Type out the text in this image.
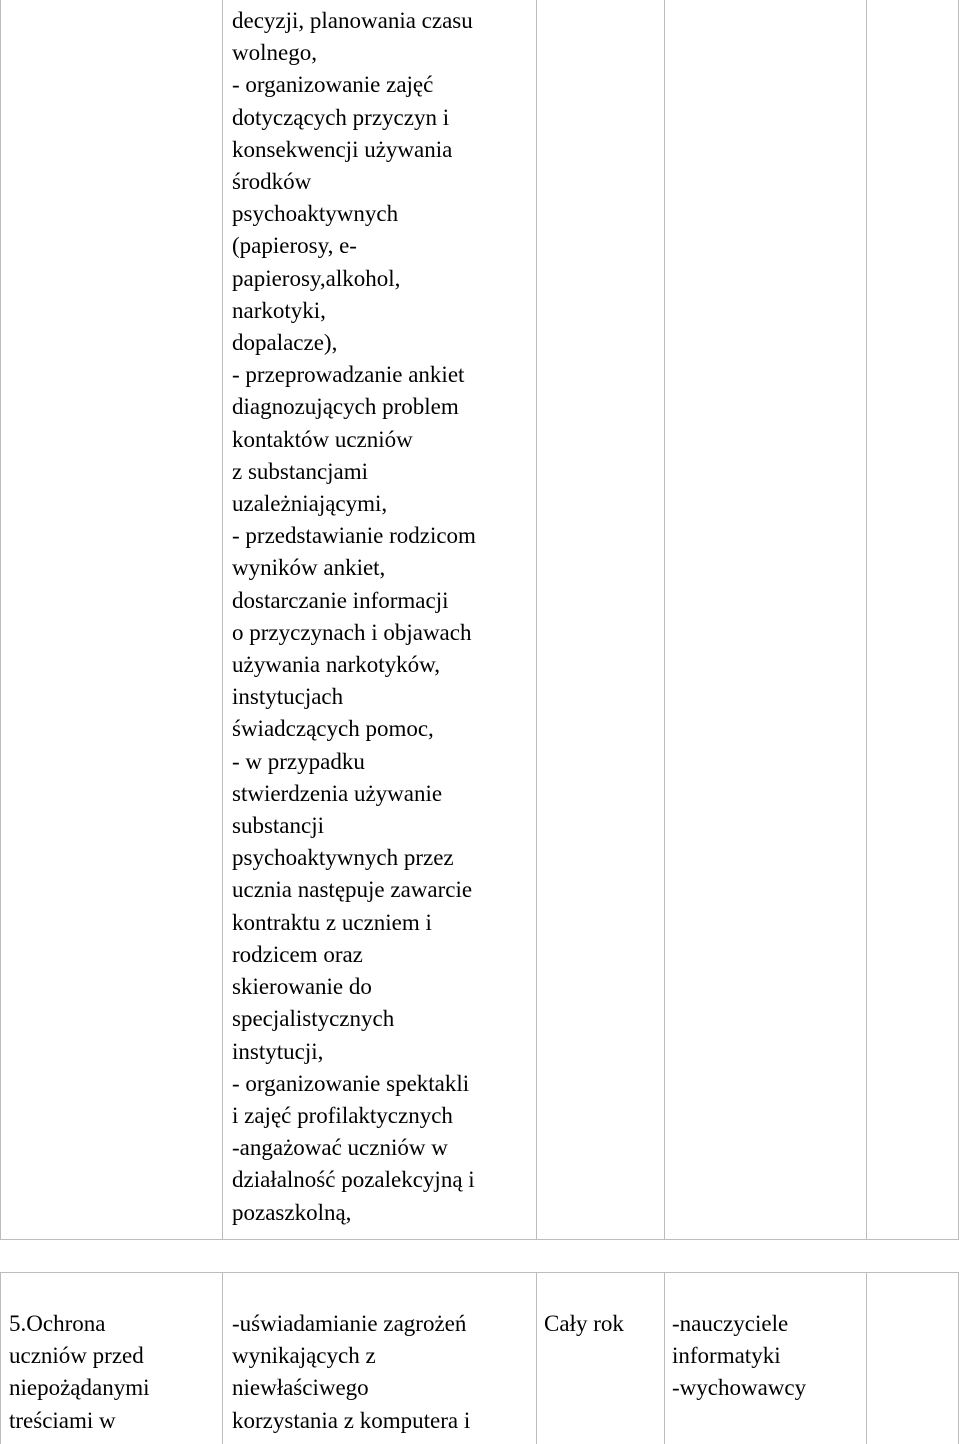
decyzji, planowania czasu
wolnego,
- organizowanie zajęć
dotyczących przyczyn i
konsekwencji używania
środków
psychoaktywnych
(papierosy, e-
papierosy,alkohol,
narkotyki,
dopalacze),
- przeprowadzanie ankiet
diagnozujących problem
kontaktów uczniów
z substancjami
uzależniającymi,
- przedstawianie rodzicom
wyników ankiet,
dostarczanie informacji
o przyczynach i objawach
używania narkotyków,
instytucjach
świadczących pomoc,
- w przypadku
stwierdzenia używanie
substancji
psychoaktywnych przez
ucznia następuje zawarcie
kontraktu z uczniem i
rodzicem oraz
skierowanie do
specjalistycznych
instytucji,
- organizowanie spektakli
i zajęć profilaktycznych
-angażować uczniów w
działalność pozalekcyjną i
pozaszkolną,
5.Ochrona
uczniów przed
niepożądanymi
treściami w
-uświadamianie zagrożeń
wynikających z
niewłaściwego
korzystania z komputera i
Cały rok	-nauczyciele
informatyki
-wychowawcy
